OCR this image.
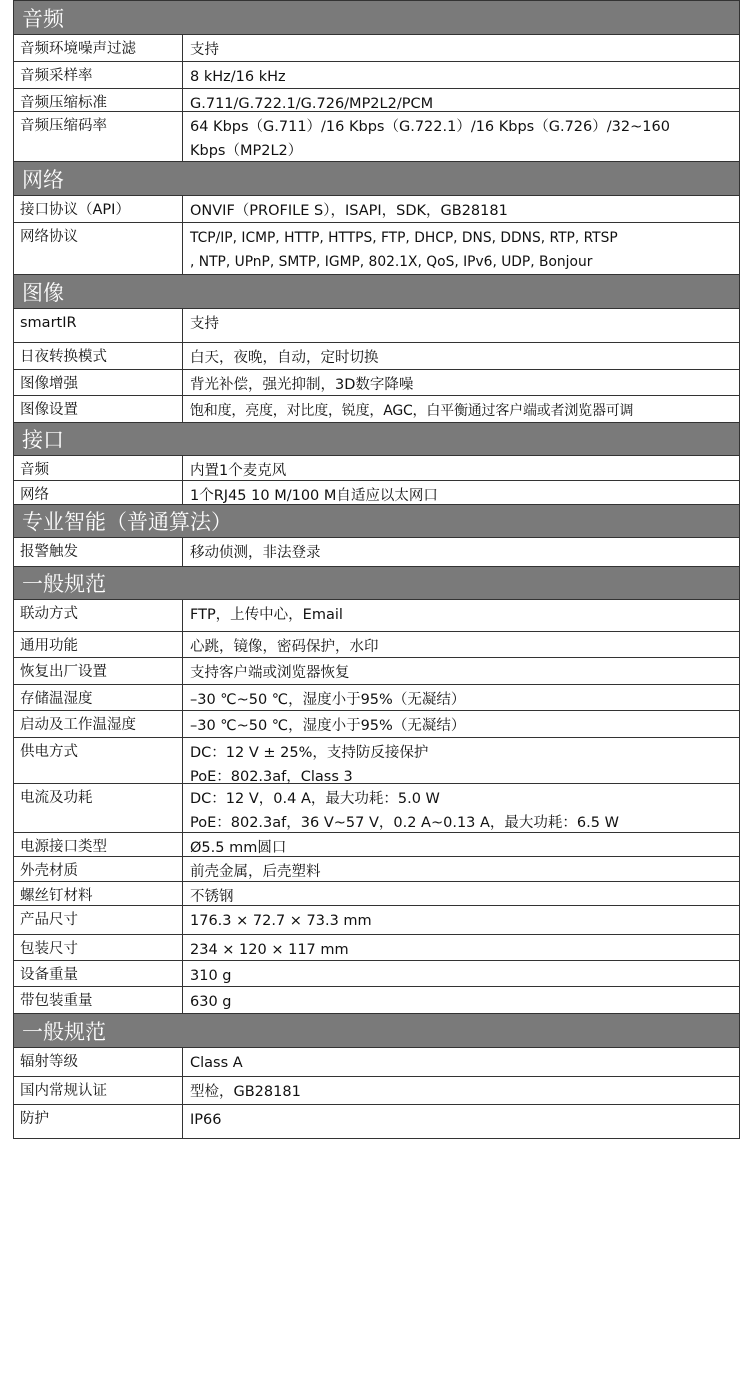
音频
音频环境噪声过滤	支持
音频采样率	8 kHz/16 kHz
音频压缩标准	G.711/G.722.1/G.726/MP2L2/PCM
音频压缩码率	64 Kbps（G.711）/16 Kbps（G.722.1）/16 Kbps（G.726）/32~160
Kbps（MP2L2）
网络
接口协议（API）	ONVIF（PROFILE S），ISAPI，SDK，GB28181
网络协议	TCP/IP, ICMP, HTTP, HTTPS, FTP, DHCP, DNS, DDNS, RTP, RTSP
, NTP, UPnP, SMTP, IGMP, 802.1X, QoS, IPv6, UDP, Bonjour
图像
smartIR	支持
日夜转换模式	白天，夜晚，自动，定时切换
图像增强	背光补偿，强光抑制，3D数字降噪
图像设置	饱和度，亮度，对比度，锐度，AGC，白平衡通过客户端或者浏览器可调
接口
音频	内置1个麦克风
网络	1个RJ45 10 M/100 M自适应以太网口
专业智能（普通算法）
报警触发	移动侦测，非法登录
一般规范
联动方式	FTP，上传中心，Email
通用功能	心跳，镜像，密码保护，水印
恢复出厂设置	支持客户端或浏览器恢复
存储温湿度	–30 ℃~50 ℃，湿度小于95%（无凝结）
启动及工作温湿度	–30 ℃~50 ℃，湿度小于95%（无凝结）
供电方式	DC：12 V ± 25%，支持防反接保护
PoE：802.3af，Class 3
电流及功耗	DC：12 V，0.4 A，最大功耗：5.0 W
PoE：802.3af，36 V~57 V，0.2 A~0.13 A，最大功耗：6.5 W
电源接口类型	Ø5.5 mm圆口
外壳材质	前壳金属，后壳塑料
螺丝钉材料	不锈钢
产品尺寸	176.3 × 72.7 × 73.3 mm
包装尺寸	234 × 120 × 117 mm
设备重量	310 g
带包装重量	630 g
一般规范
辐射等级	Class A
国内常规认证	型检，GB28181
防护	IP66
